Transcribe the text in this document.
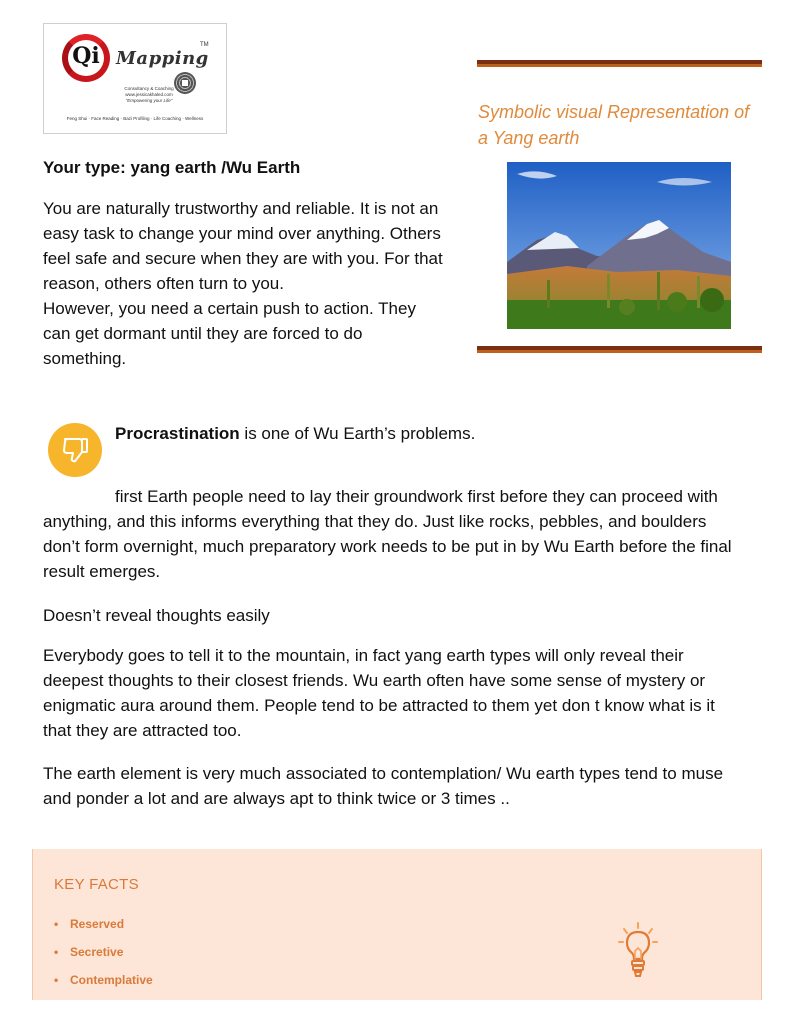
Qi Mapping
TM
Consultancy & Coaching
www.jessicakhaled.com
"Empowering your Life"
Feng Shui · Face Reading · Bazi Profiling · Life Coaching · Wellness	Symbolic visual Representation of a Yang earth
Your type: yang earth /Wu Earth
You are naturally trustworthy and reliable. It is not an easy task to change your mind over anything. Others feel safe and secure when they are with you. For that reason, others often turn to you.
However, you need a certain push to action. They can get dormant until they are forced to do something.
Procrastination is one of Wu Earth’s problems.
first Earth people need to lay their groundwork first before they can proceed with anything, and this informs everything that they do. Just like rocks, pebbles, and boulders don’t form overnight, much preparatory work needs to be put in by Wu Earth before the final result emerges.
Doesn’t reveal thoughts easily
Everybody goes to tell it to the mountain, in fact yang earth types will only reveal their deepest thoughts to their closest friends. Wu earth often have some sense of mystery or enigmatic aura around them. People tend to be attracted to them yet don t know what is it that they are attracted too.
The earth element is very much associated to contemplation/ Wu earth types tend to muse and ponder a lot and are always apt to think twice or 3 times ..
KEY FACTS
• Reserved
• Secretive
• Contemplative
